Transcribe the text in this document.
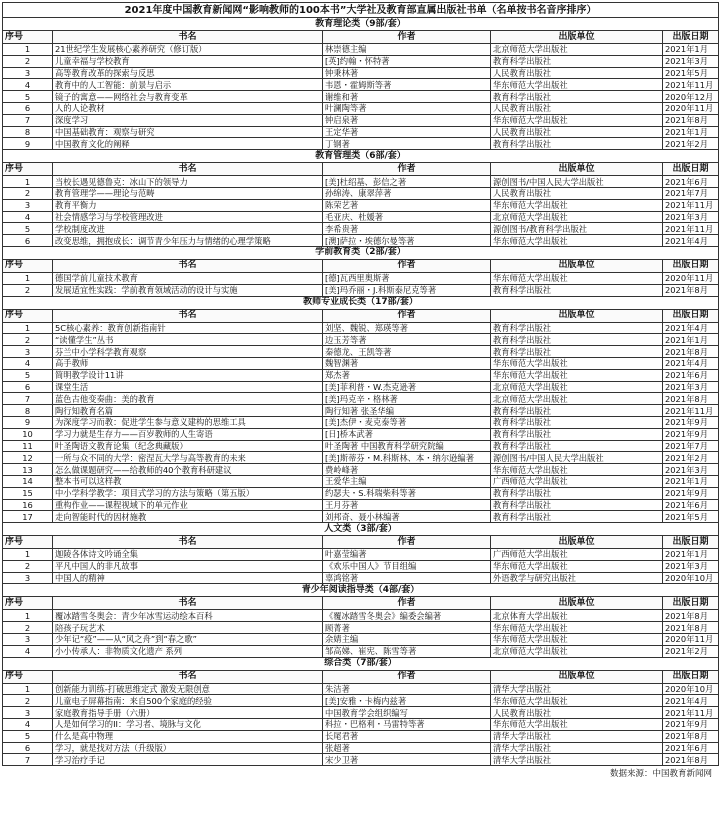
2021年度中国教育新闻网“影响教师的100本书”大学社及教育部直属出版社书单（名单按书名音序排序）				
教育理论类（9部/套）				
序号	书名	作者	出版单位	出版日期
1	21世纪学生发展核心素养研究（修订版）	林崇德主编	北京师范大学出版社	2021年1月
2	儿童幸福与学校教育	[英]约翰・怀特著	教育科学出版社	2021年3月
3	高等教育改革的探索与反思	钟秉林著	人民教育出版社	2021年5月
4	教育中的人工智能：前景与启示	韦恩・霍姆斯等著	华东师范大学出版社	2021年11月
5	镜子的寓意——网络社会与教育变革	谢维和著	教育科学出版社	2020年12月
6	人的人论教材	叶澜陶等著	人民教育出版社	2020年11月
7	深度学习	钟启泉著	华东师范大学出版社	2021年8月
8	中国基础教育：观察与研究	王定华著	人民教育出版社	2021年1月
9	中国教育文化的阐释	丁钢著	教育科学出版社	2021年2月
教育管理类（6部/套）				
序号	书名	作者	出版单位	出版日期
1	当校长遇见德鲁克：冰山下的领导力	[美]杜绍基、彭信之著	源创图书/中国人民大学出版社	2021年6月
2	教育管理学——理论与范畴	孙绵涛、康翠萍著	人民教育出版社	2021年7月
3	教育平衡力	陈荣艺著	华东师范大学出版社	2021年11月
4	社会情感学习与学校管理改进	毛亚庆、杜媛著	北京师范大学出版社	2021年3月
5	学校制度改进	李希贵著	源创图书/教育科学出版社	2021年11月
6	改变思维，拥抱成长：调节青少年压力与情绪的心理学策略	[澳]萨拉・埃德尔曼等著	华东师范大学出版社	2021年4月
学前教育类（2部/套）				
序号	书名	作者	出版单位	出版日期
1	德国学前儿童技术教育	[德]瓦西里奥斯著	华东师范大学出版社	2020年11月
2	发展适宜性实践：学前教育领域活动的设计与实施	[美]玛乔丽・J.科斯泰尼克等著	教育科学出版社	2021年8月
教师专业成长类（17部/套）				
序号	书名	作者	出版单位	出版日期
1	5C核心素养：教育创新指南针	刘坚、魏锐、郑瑛等著	教育科学出版社	2021年4月
2	“读懂学生”丛书	边玉芳等著	教育科学出版社	2021年1月
3	芬兰中小学科学教育观察	秦德龙、王凯等著	教育科学出版社	2021年8月
4	高手教师	魏智渊著	华东师范大学出版社	2021年4月
5	简明教学设计11讲	郑杰著	华东师范大学出版社	2021年6月
6	课堂生活	[美]菲利普・W.杰克逊著	北京师范大学出版社	2021年3月
7	蓝色古他变奏曲：美的教育	[美]玛克辛・格林著	北京师范大学出版社	2021年8月
8	陶行知教育名篇	陶行知著 张圣华编	教育科学出版社	2021年11月
9	为深度学习而教：促进学生参与意义建构的思维工具	[美]杰伊・麦克泰等著	教育科学出版社	2021年9月
10	学习力就是生存力——百岁教师的人生寄语	[日]桥本武著	教育科学出版社	2021年9月
11	叶圣陶语文教育论集（纪念典藏版）	叶圣陶著 中国教育科学研究院编	教育科学出版社	2021年7月
12	一所与众不同的大学：密涅瓦大学与高等教育的未来	[美]斯蒂芬・M.科斯林、本・纳尔逊编著	源创图书/中国人民大学出版社	2021年2月
13	怎么做课题研究——给教师的40个教育科研建议	费岭峰著	华东师范大学出版社	2021年3月
14	整本书可以这样教	王爱华主编	广西师范大学出版社	2021年1月
15	中小学科学教学：项目式学习的方法与策略（第五版）	约瑟夫・S.科瑞柴科等著	教育科学出版社	2021年9月
16	重构作业——课程视域下的单元作业	王月芬著	教育科学出版社	2021年6月
17	走向智能时代的因材施教	刘邦奇、聂小林编著	教育科学出版社	2021年5月
人文类（3部/套）				
序号	书名	作者	出版单位	出版日期
1	迦陵各体诗文吟诵全集	叶嘉莹编著	广西师范大学出版社	2021年1月
2	平凡中国人的非凡故事	《欢乐中国人》节目组编	华东师范大学出版社	2021年3月
3	中国人的精神	辜鸿铭著	外语教学与研究出版社	2020年10月
青少年阅读指导类（4部/套）				
序号	书名	作者	出版单位	出版日期
1	覆冰踏雪冬奥会：青少年冰雪运动绘本百科	《覆冰踏雪冬奥会》编委会编著	北京体育大学出版社	2021年8月
2	陪孩子玩艺术	顾菁著	华东师范大学出版社	2021年8月
3	少年记“疫”——从“风之舟”到“春之歌”	余婧主编	华东师范大学出版社	2020年11月
4	小小传承人：非物质文化遗产 系列	邹高娣、崔宪、陈雪等著	北京师范大学出版社	2021年2月
综合类（7部/套）				
序号	书名	作者	出版单位	出版日期
1	创新能力训练-打破思维定式 激发无限创意	朱洁著	清华大学出版社	2020年10月
2	儿童电子屏幕指南：来自500个家庭的经验	[美]安雅・卡梅内兹著	华东师范大学出版社	2021年4月
3	家庭教育指导手册（六册）	中国教育学会组织编写	人民教育出版社	2021年11月
4	人是如何学习的II：学习者、境脉与文化	科拉・巴格利・马雷特等著	华东师范大学出版社	2021年9月
5	什么是高中物理	长尾君著	清华大学出版社	2021年8月
6	学习，就是找对方法（升级版）	张超著	清华大学出版社	2021年6月
7	学习治疗手记	宋少卫著	清华大学出版社	2021年8月
数据来源：中国教育新闻网
